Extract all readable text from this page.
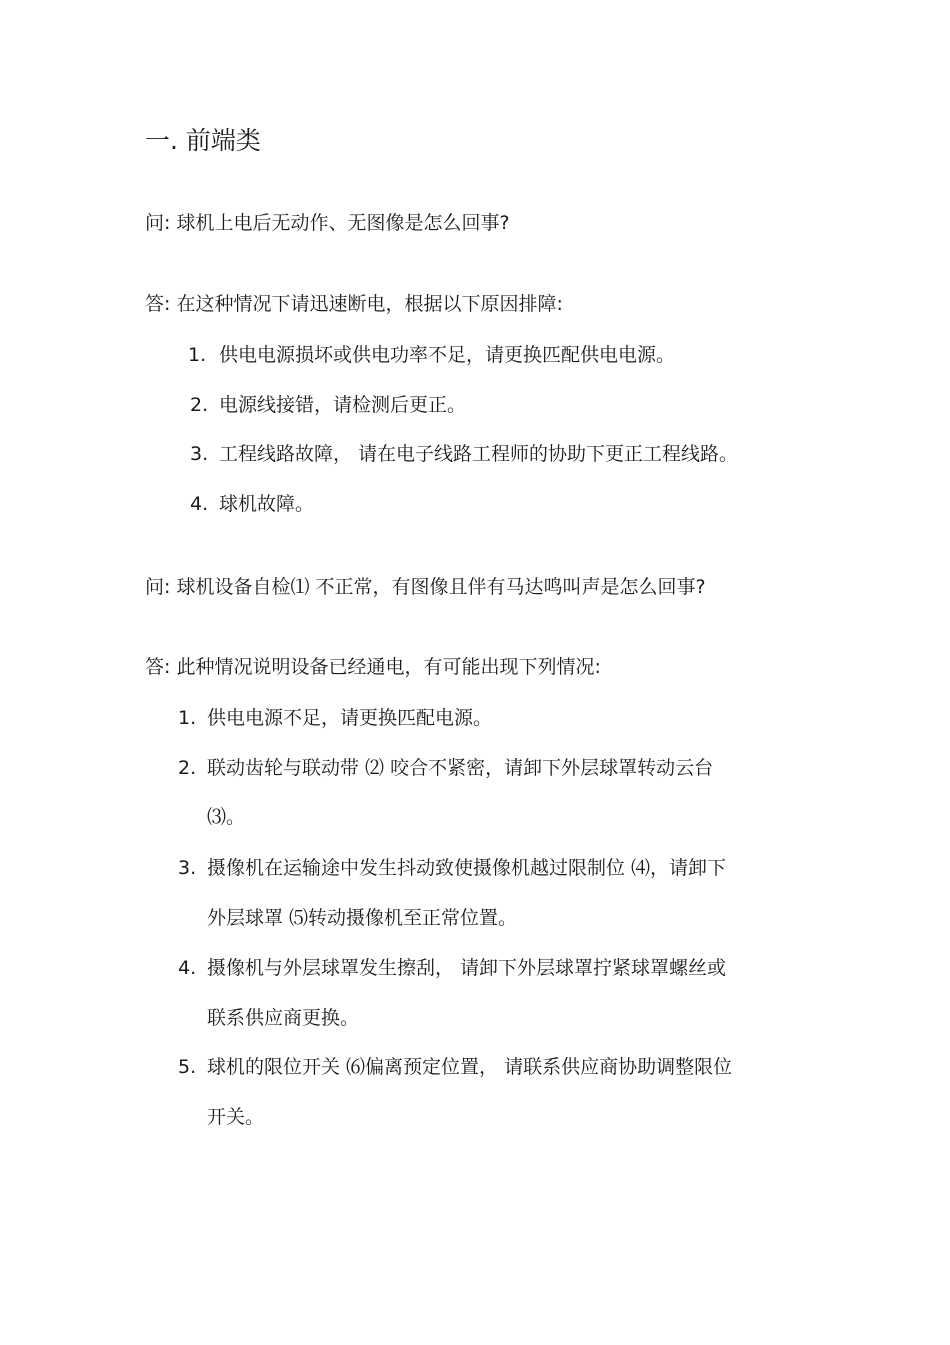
一. 前端类
问: 球机上电后无动作、无图像是怎么回事?
答: 在这种情况下请迅速断电，根据以下原因排障:
1. 供电电源损坏或供电功率不足，请更换匹配供电电源。
2. 电源线接错，请检测后更正。
3. 工程线路故障， 请在电子线路工程师的协助下更正工程线路。
4. 球机故障。
问: 球机设备自检⑴ 不正常，有图像且伴有马达鸣叫声是怎么回事?
答: 此种情况说明设备已经通电，有可能出现下列情况:
1. 供电电源不足，请更换匹配电源。
2. 联动齿轮与联动带 ⑵ 咬合不紧密，请卸下外层球罩转动云台
⑶。
3. 摄像机在运输途中发生抖动致使摄像机越过限制位 ⑷，请卸下
外层球罩 ⑸转动摄像机至正常位置。
4. 摄像机与外层球罩发生擦刮， 请卸下外层球罩拧紧球罩螺丝或
联系供应商更换。
5. 球机的限位开关 ⑹偏离预定位置， 请联系供应商协助调整限位
开关。
